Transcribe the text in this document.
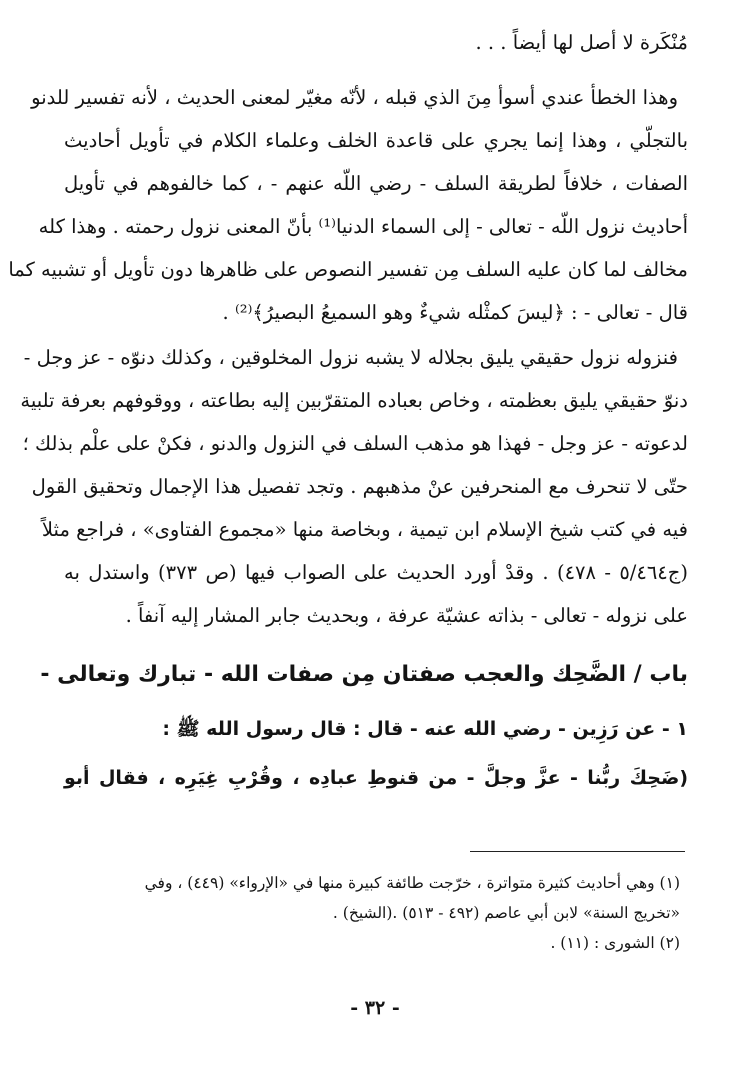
مُنْكَرة لا أصل لها أيضاً . . .
وهذا الخطأ عندي أسوأ مِنَ الذي قبله ، لأنّه مغيّر لمعنى الحديث ، لأنه تفسير للدنو
بالتجلّي ، وهذا إنما يجري على قاعدة الخلف وعلماء الكلام في تأويل أحاديث
الصفات ، خلافاً لطريقة السلف - رضي اللّه عنهم - ، كما خالفوهم في تأويل
أحاديث نزول اللّه - تعالى - إلى السماء الدنيا⁽¹⁾ بأنّ المعنى نزول رحمته . وهذا كله
مخالف لما كان عليه السلف مِن تفسير النصوص على ظاهرها دون تأويل أو تشبيه كما
قال - تعالى - : ﴿ليسَ كمثْله شيءٌ وهو السميعُ البصيرُ﴾⁽²⁾ .
فنزوله نزول حقيقي يليق بجلاله لا يشبه نزول المخلوقين ، وكذلك دنوّه - عز وجل -
دنوّ حقيقي يليق بعظمته ، وخاص بعباده المتقرّبين إليه بطاعته ، ووقوفهم بعرفة تلبية
لدعوته - عز وجل - فهذا هو مذهب السلف في النزول والدنو ، فكنْ على علْم بذلك ؛
حتّى لا تنحرف مع المنحرفين عنْ مذهبهم . وتجد تفصيل هذا الإجمال وتحقيق القول
فيه في كتب شيخ الإسلام ابن تيمية ، وبخاصة منها «مجموع الفتاوى» ، فراجع مثلاً
(ج٥/٤٦٤ - ٤٧٨) . وقدْ أورد الحديث على الصواب فيها (ص ٣٧٣) واستدل به
على نزوله - تعالى - بذاته عشيّة عرفة ، وبحديث جابر المشار إليه آنفاً .
باب / الضَّحِك والعجب صفتان مِن صفات الله - تبارك وتعالى -
١ - عن رَزِين - رضي الله عنه - قال : قال رسول الله ﷺ :
(ضَحِكَ ربُّنا - عزَّ وجلَّ - من قنوطِ عبادِه ، وقُرْبِ غِيَرِه ، فقال أبو
(١) وهي أحاديث كثيرة متواترة ، خرّجت طائفة كبيرة منها في «الإرواء» (٤٤٩) ، وفي
«تخريج السنة» لابن أبي عاصم (٤٩٢ - ٥١٣) .(الشيخ) .
(٢) الشورى : (١١) .
- ٣٢ -
